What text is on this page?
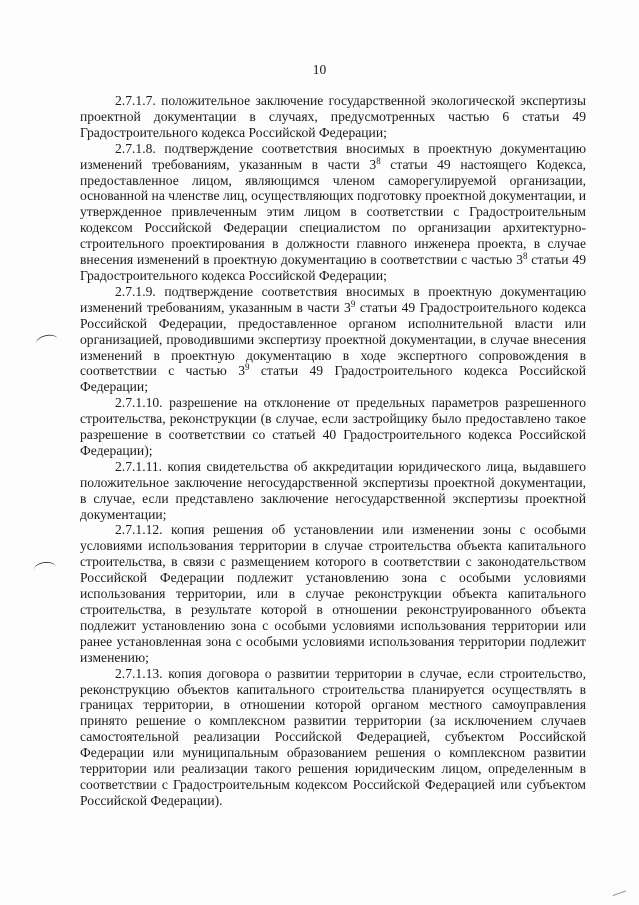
10

2.7.1.7. положительное заключение государственной экологической экспертизы проектной документации в случаях, предусмотренных частью 6 статьи 49 Градостроительного кодекса Российской Федерации;

2.7.1.8. подтверждение соответствия вносимых в проектную документацию изменений требованиям, указанным в части $3^8$ статьи 49 настоящего Кодекса, предоставленное лицом, являющимся членом саморегулируемой организации, основанной на членстве лиц, осуществляющих подготовку проектной документации, и утвержденное привлеченным этим лицом в соответствии с Градостроительным кодексом Российской Федерации специалистом по организации архитектурно-строительного проектирования в должности главного инженера проекта, в случае внесения изменений в проектную документацию в соответствии с частью $3^8$ статьи 49 Градостроительного кодекса Российской Федерации;

2.7.1.9. подтверждение соответствия вносимых в проектную документацию изменений требованиям, указанным в части $3^9$ статьи 49 Градостроительного кодекса Российской Федерации, предоставленное органом исполнительной власти или организацией, проводившими экспертизу проектной документации, в случае внесения изменений в проектную документацию в ходе экспертного сопровождения в соответствии с частью $3^9$ статьи 49 Градостроительного кодекса Российской Федерации;

2.7.1.10. разрешение на отклонение от предельных параметров разрешенного строительства, реконструкции (в случае, если застройщику было предоставлено такое разрешение в соответствии со статьей 40 Градостроительного кодекса Российской Федерации);

2.7.1.11. копия свидетельства об аккредитации юридического лица, выдавшего положительное заключение негосударственной экспертизы проектной документации, в случае, если представлено заключение негосударственной экспертизы проектной документации;

2.7.1.12. копия решения об установлении или изменении зоны с особыми условиями использования территории в случае строительства объекта капитального строительства, в связи с размещением которого в соответствии с законодательством Российской Федерации подлежит установлению зона с особыми условиями использования территории, или в случае реконструкции объекта капитального строительства, в результате которой в отношении реконструированного объекта подлежит установлению зона с особыми условиями использования территории или ранее установленная зона с особыми условиями использования территории подлежит изменению;

2.7.1.13. копия договора о развитии территории в случае, если строительство, реконструкцию объектов капитального строительства планируется осуществлять в границах территории, в отношении которой органом местного самоуправления принято решение о комплексном развитии территории (за исключением случаев самостоятельной реализации Российской Федерацией, субъектом Российской Федерации или муниципальным образованием решения о комплексном развитии территории или реализации такого решения юридическим лицом, определенным в соответствии с Градостроительным кодексом Российской Федерацией или субъектом Российской Федерации).
